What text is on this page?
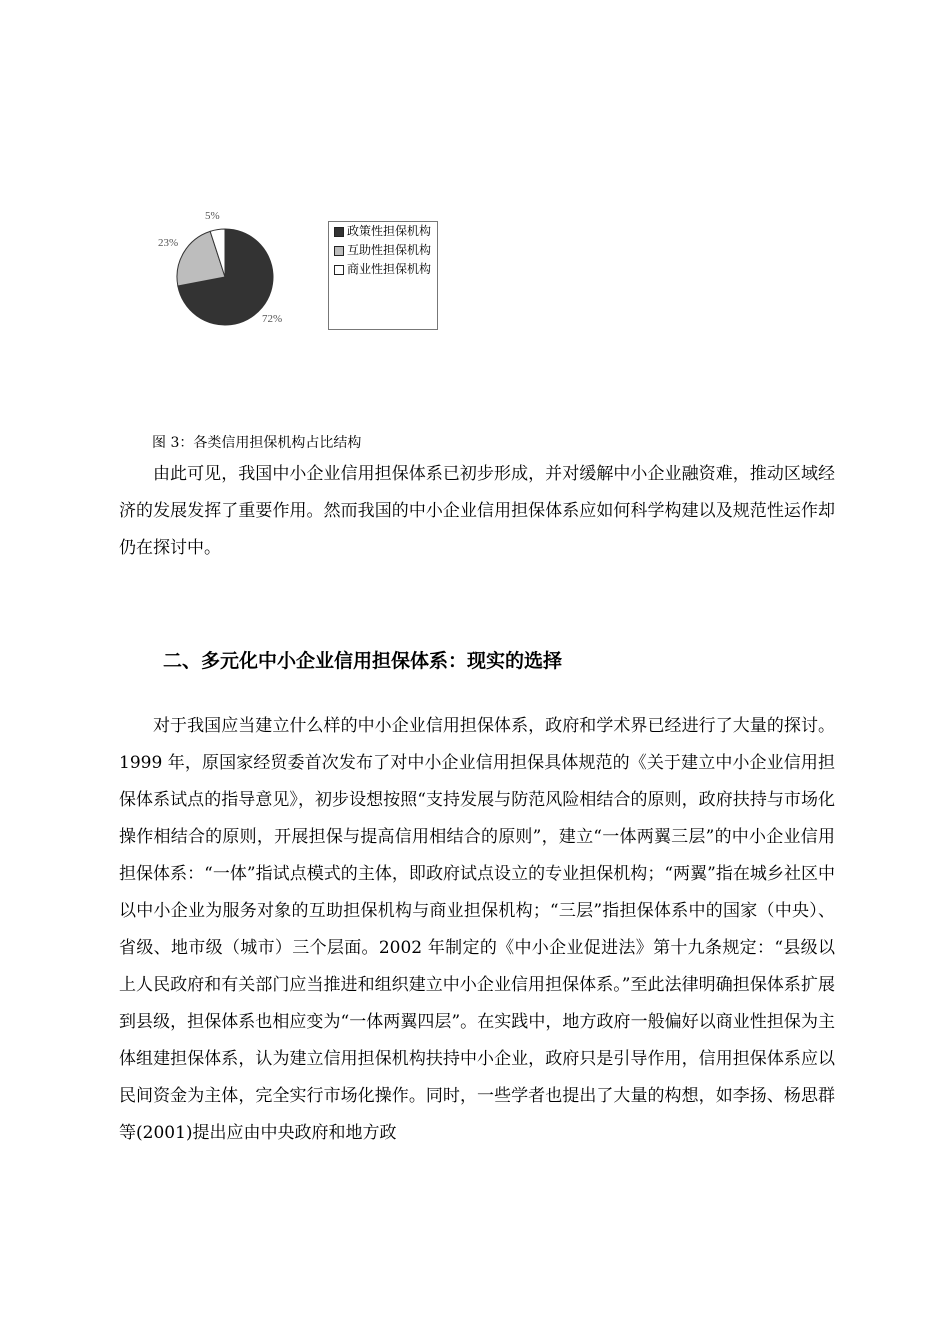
72%
23%
5%
政策性担保机构
互助性担保机构
商业性担保机构
图 3：各类信用担保机构占比结构

由此可见，我国中小企业信用担保体系已初步形成，并对缓解中小企业融资难，推动区域经济的发展发挥了重要作用。然而我国的中小企业信用担保体系应如何科学构建以及规范性运作却仍在探讨中。

二、多元化中小企业信用担保体系：现实的选择

对于我国应当建立什么样的中小企业信用担保体系，政府和学术界已经进行了大量的探讨。1999 年，原国家经贸委首次发布了对中小企业信用担保具体规范的《关于建立中小企业信用担保体系试点的指导意见》，初步设想按照“支持发展与防范风险相结合的原则，政府扶持与市场化操作相结合的原则，开展担保与提高信用相结合的原则”，建立“一体两翼三层”的中小企业信用担保体系：“一体”指试点模式的主体，即政府试点设立的专业担保机构；“两翼”指在城乡社区中以中小企业为服务对象的互助担保机构与商业担保机构；“三层”指担保体系中的国家（中央）、省级、地市级（城市）三个层面。2002 年制定的《中小企业促进法》第十九条规定：“县级以上人民政府和有关部门应当推进和组织建立中小企业信用担保体系。”至此法律明确担保体系扩展到县级，担保体系也相应变为“一体两翼四层”。在实践中，地方政府一般偏好以商业性担保为主体组建担保体系，认为建立信用担保机构扶持中小企业，政府只是引导作用，信用担保体系应以民间资金为主体，完全实行市场化操作。同时，一些学者也提出了大量的构想，如李扬、杨思群等(2001)提出应由中央政府和地方政
